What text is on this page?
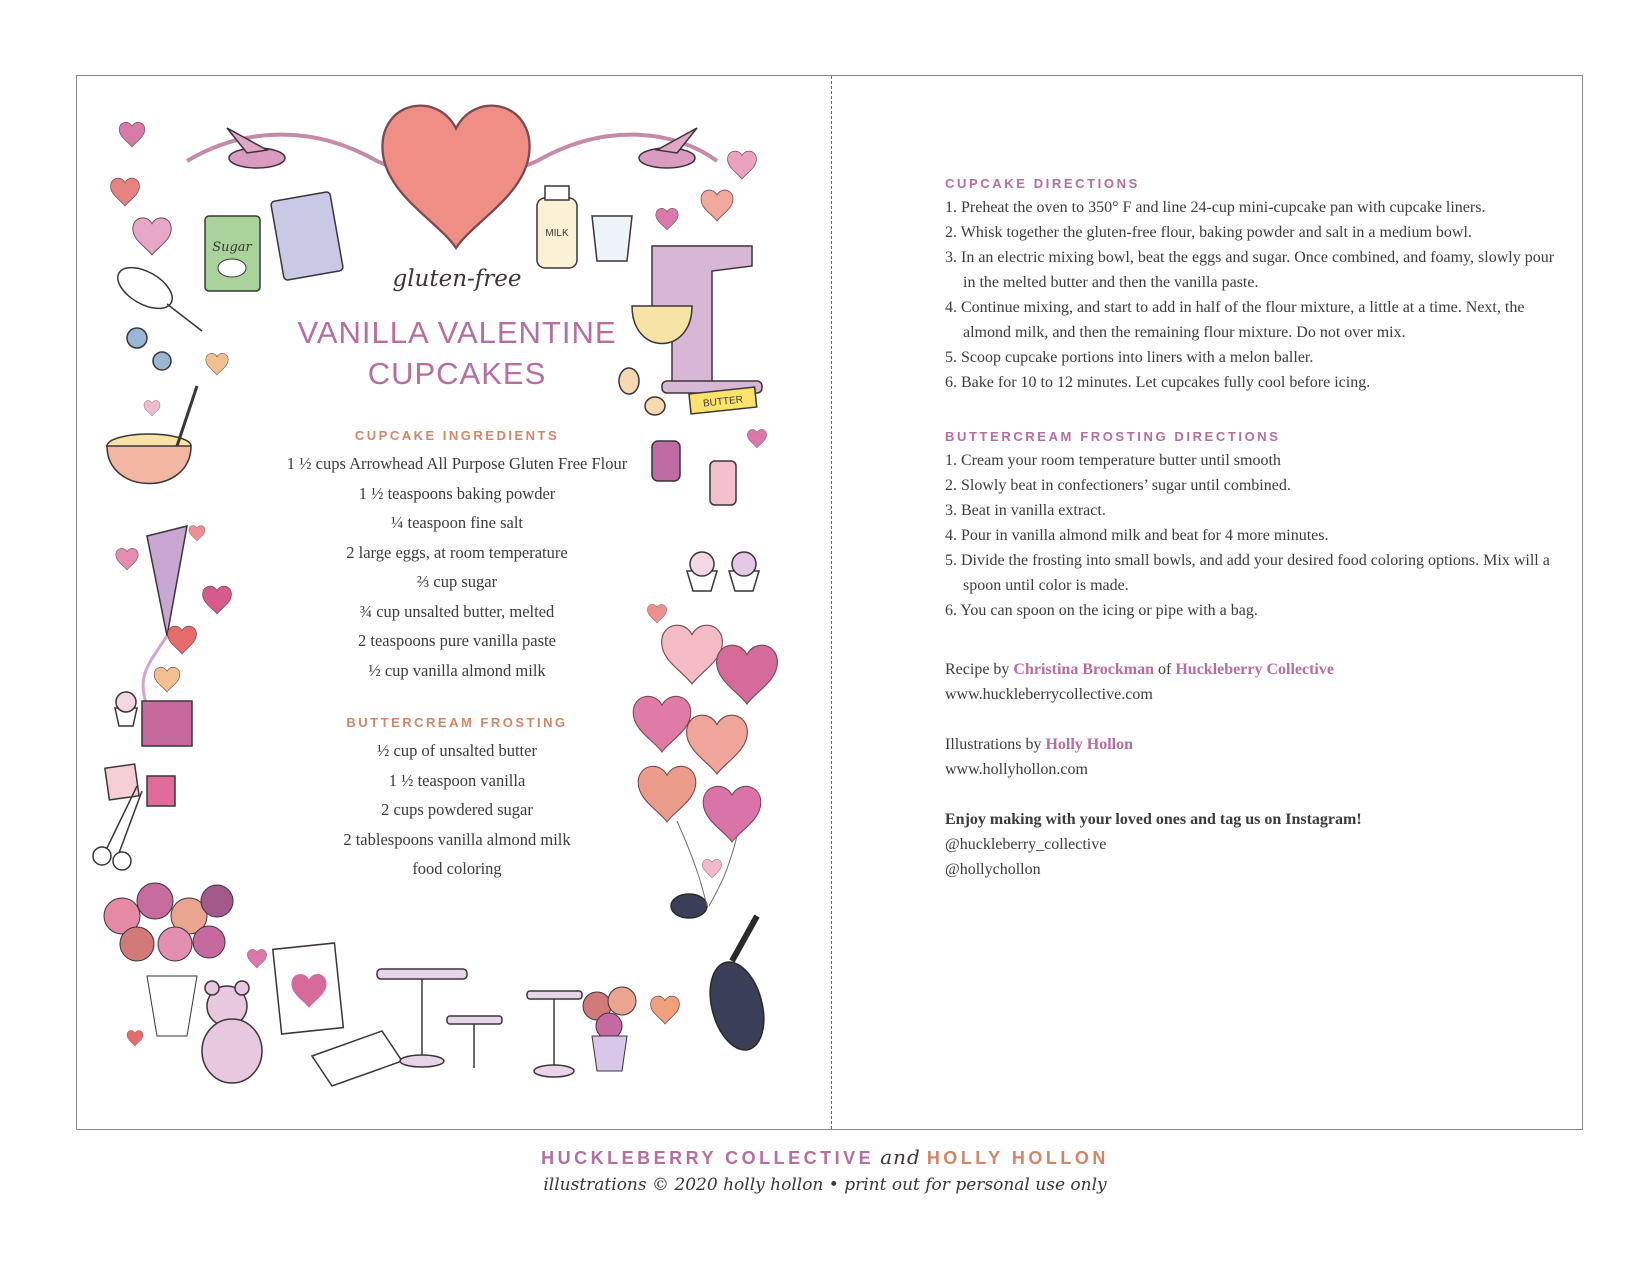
Sugar
MILK
BUTTER

gluten-free

VANILLA VALENTINE
CUPCAKES

CUPCAKE INGREDIENTS

1 ½ cups Arrowhead All Purpose Gluten Free Flour
1 ½ teaspoons baking powder
¼ teaspoon fine salt
2 large eggs, at room temperature
⅔ cup sugar
¾ cup unsalted butter, melted
2 teaspoons pure vanilla paste
½ cup vanilla almond milk

BUTTERCREAM FROSTING

½ cup of unsalted butter
1 ½ teaspoon vanilla
2 cups powdered sugar
2 tablespoons vanilla almond milk
food coloring

CUPCAKE DIRECTIONS

1. Preheat the oven to 350° F and line 24-cup mini-cupcake pan with cupcake liners.
2. Whisk together the gluten-free flour, baking powder and salt in a medium bowl.
3. In an electric mixing bowl, beat the eggs and sugar. Once combined, and foamy, slowly pour in the melted butter and then the vanilla paste.
4. Continue mixing, and start to add in half of the flour mixture, a little at a time. Next, the almond milk, and then the remaining flour mixture. Do not over mix.
5. Scoop cupcake portions into liners with a melon baller.
6. Bake for 10 to 12 minutes. Let cupcakes fully cool before icing.

BUTTERCREAM FROSTING DIRECTIONS

1. Cream your room temperature butter until smooth
2. Slowly beat in confectioners’ sugar until combined.
3. Beat in vanilla extract.
4. Pour in vanilla almond milk and beat for 4 more minutes.
5. Divide the frosting into small bowls, and add your desired food coloring options. Mix will a spoon until color is made.
6. You can spoon on the icing or pipe with a bag.

Recipe by Christina Brockman of Huckleberry Collective

www.huckleberrycollective.com

Illustrations by Holly Hollon

www.hollyhollon.com

Enjoy making with your loved ones and tag us on Instagram!

@huckleberry_collective

@hollychollon

HUCKLEBERRY COLLECTIVE and HOLLY HOLLON
illustrations © 2020 holly hollon • print out for personal use only
